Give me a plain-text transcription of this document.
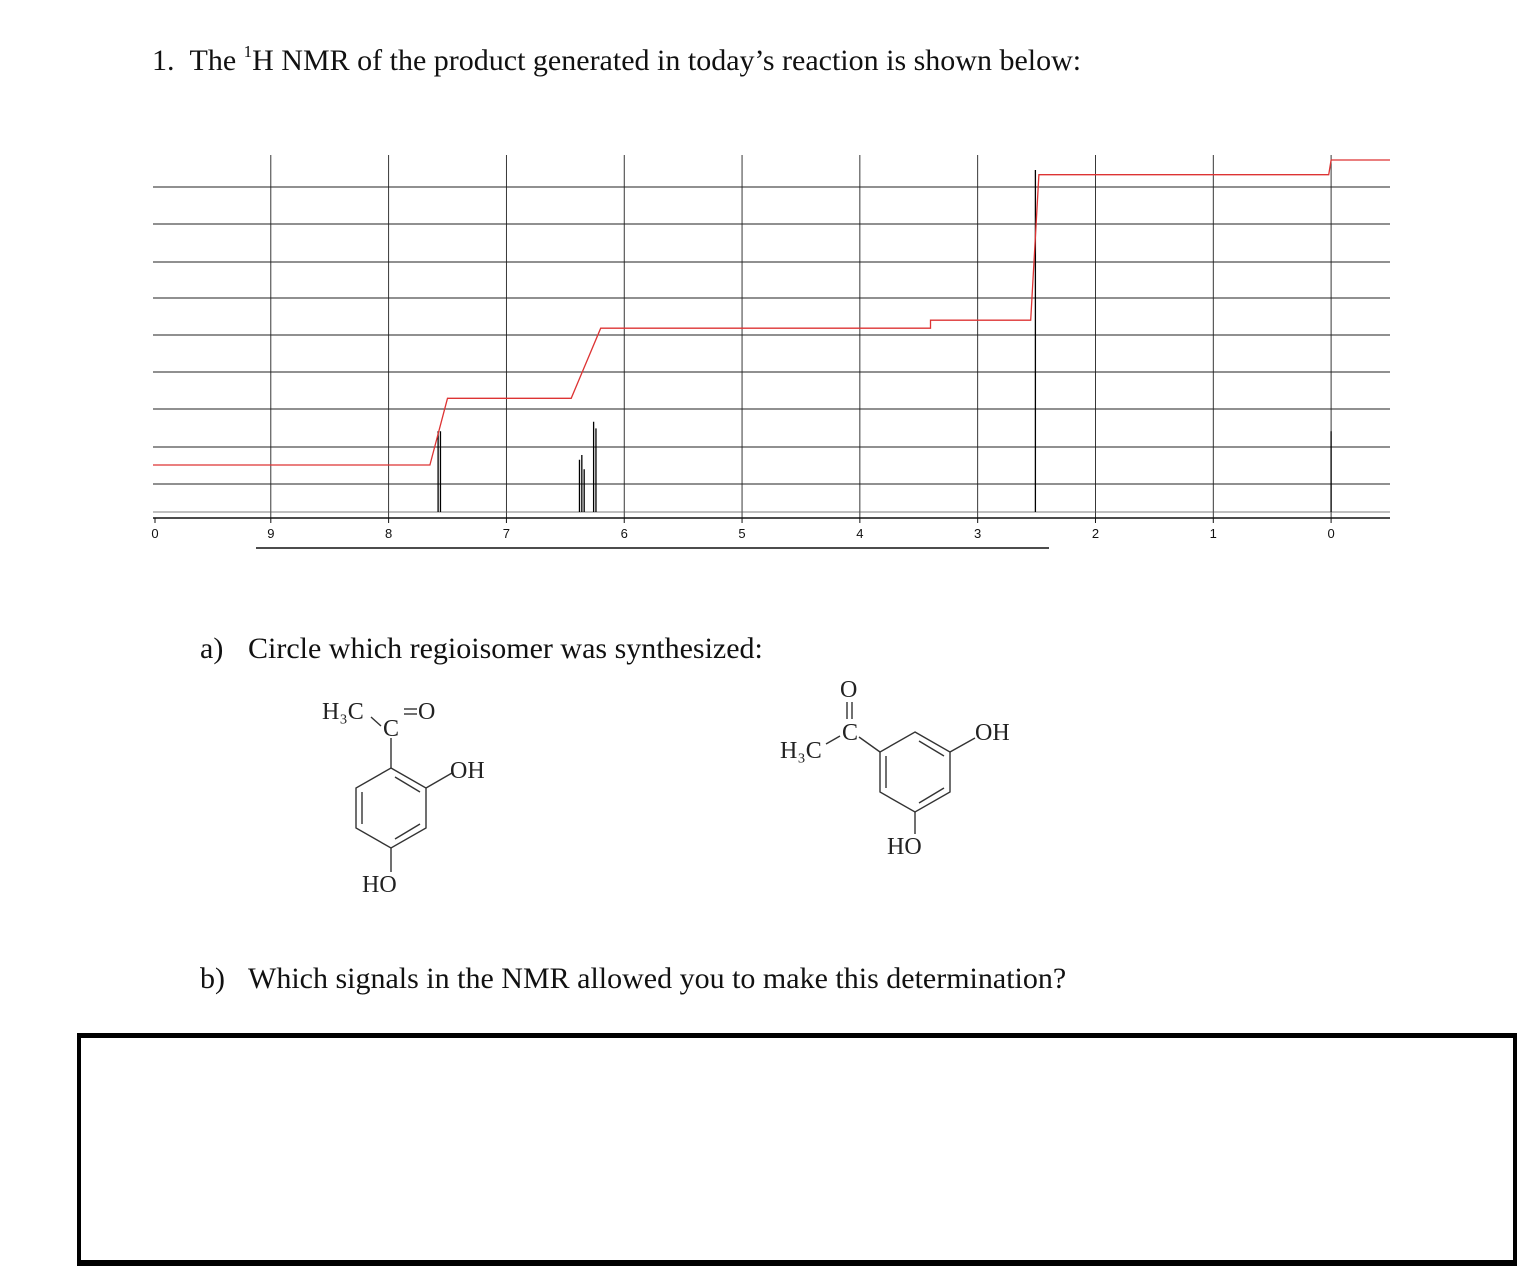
1. The $^1$H NMR of the product generated in today’s reaction is shown below:
0	9	8	7	6	5	4	3	2	1	0
a) Circle which regioisomer was synthesized:
H₃C
C
O
OH
HO
O
C
H₃C
OH
HO
b) Which signals in the NMR allowed you to make this determination?
